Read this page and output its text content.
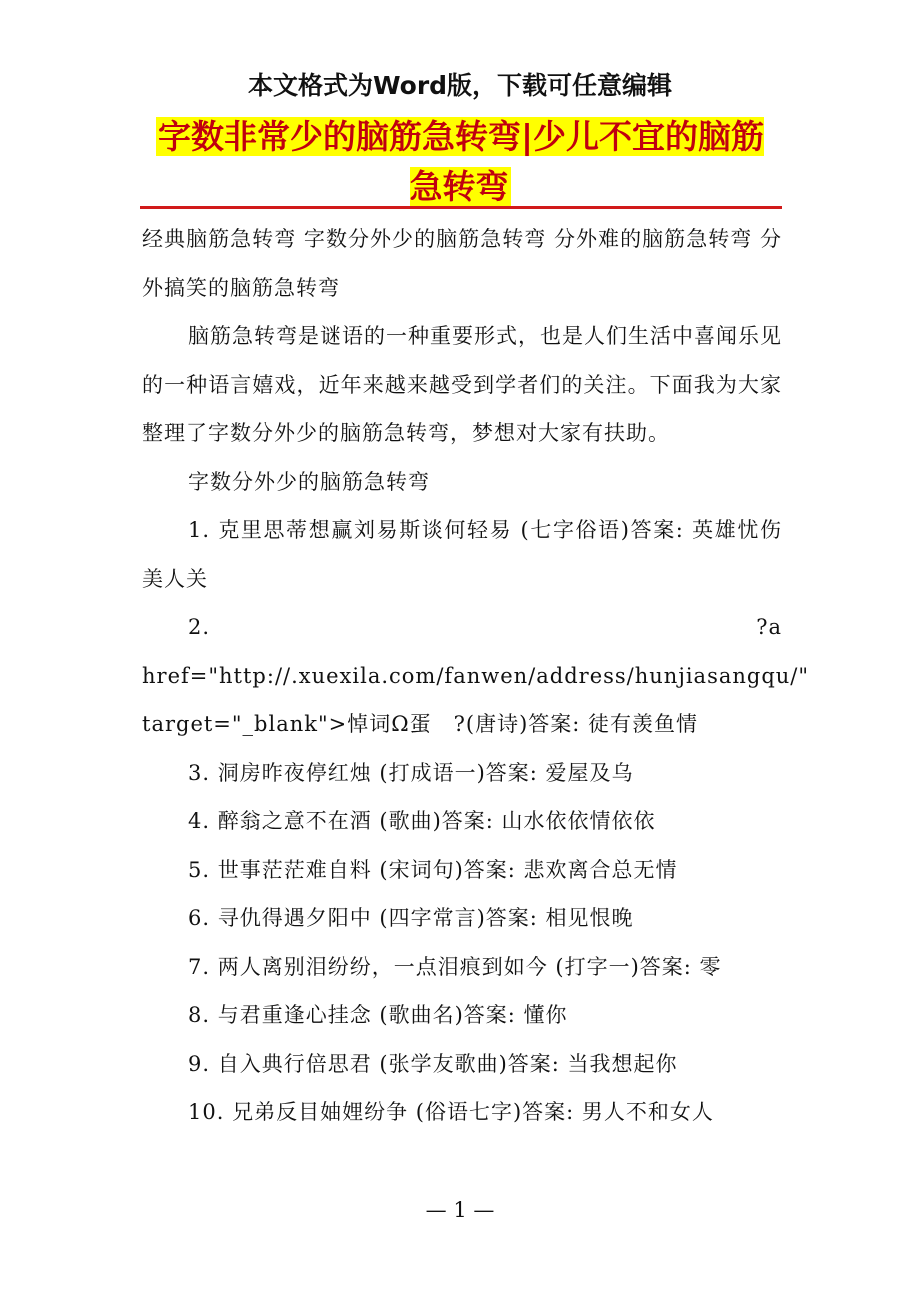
本文格式为Word版，下载可任意编辑
字数非常少的脑筋急转弯|少儿不宜的脑筋急转弯

经典脑筋急转弯 字数分外少的脑筋急转弯 分外难的脑筋急转弯 分外搞笑的脑筋急转弯

脑筋急转弯是谜语的一种重要形式，也是人们生活中喜闻乐见的一种语言嬉戏，近年来越来越受到学者们的关注。下面我为大家整理了字数分外少的脑筋急转弯，梦想对大家有扶助。

字数分外少的脑筋急转弯

1. 克里思蒂想赢刘易斯谈何轻易 (七字俗语)答案: 英雄忧伤美人关

2.	?a

href="http://.xuexila.com/fanwen/address/hunjiasangqu/"

target="_blank">悼词Ω蛋　?(唐诗)答案: 徒有羡鱼情

3. 洞房昨夜停红烛 (打成语一)答案: 爱屋及乌

4. 醉翁之意不在酒 (歌曲)答案: 山水依依情依依

5. 世事茫茫难自料 (宋词句)答案: 悲欢离合总无情

6. 寻仇得遇夕阳中 (四字常言)答案: 相见恨晚

7. 两人离别泪纷纷，一点泪痕到如今 (打字一)答案: 零

8. 与君重逢心挂念 (歌曲名)答案: 懂你

9. 自入典行倍思君 (张学友歌曲)答案: 当我想起你

10. 兄弟反目妯娌纷争 (俗语七字)答案: 男人不和女人

— 1 —
